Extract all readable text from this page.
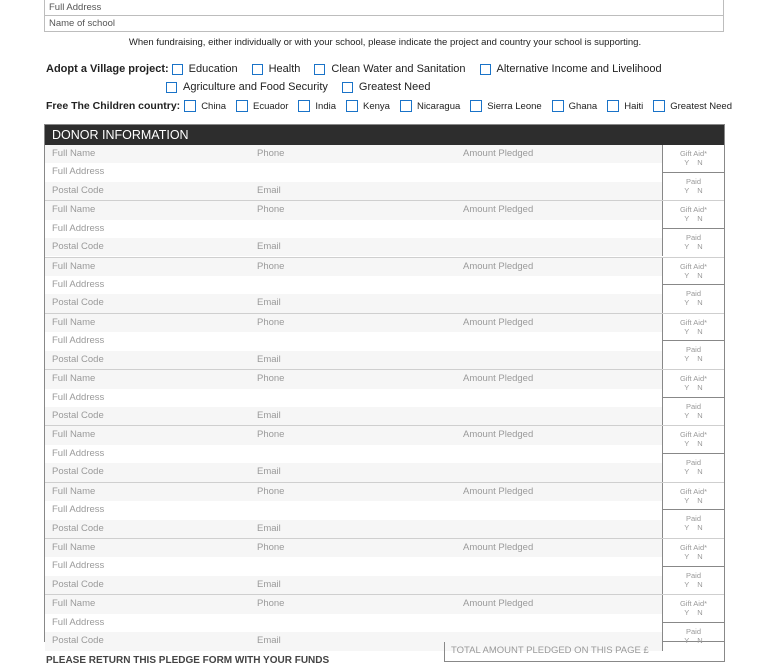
Full Address
Name of school
When fundraising, either individually or with your school, please indicate the project and country your school is supporting.
Adopt a Village project: Education	Health	Clean Water and Sanitation	Alternative Income and Livelihood
Agriculture and Food Security	Greatest Need
Free The Children country: China	Ecuador	India	Kenya	Nicaragua	Sierra Leone	Ghana	Haiti	Greatest Need
DONOR INFORMATION
Full Name	Phone	Amount Pledged
Full Address
Postal Code	Email
Gift Aid*
Y N
Paid
Y N
Full Name	Phone	Amount Pledged
Full Address
Postal Code	Email
Gift Aid*
Y N
Paid
Y N
Full Name	Phone	Amount Pledged
Full Address
Postal Code	Email
Gift Aid*
Y N
Paid
Y N
Full Name	Phone	Amount Pledged
Full Address
Postal Code	Email
Gift Aid*
Y N
Paid
Y N
Full Name	Phone	Amount Pledged
Full Address
Postal Code	Email
Gift Aid*
Y N
Paid
Y N
Full Name	Phone	Amount Pledged
Full Address
Postal Code	Email
Gift Aid*
Y N
Paid
Y N
Full Name	Phone	Amount Pledged
Full Address
Postal Code	Email
Gift Aid*
Y N
Paid
Y N
Full Name	Phone	Amount Pledged
Full Address
Postal Code	Email
Gift Aid*
Y N
Paid
Y N
Full Name	Phone	Amount Pledged
Full Address
Postal Code	Email
Gift Aid*
Y N
Paid
Y N
TOTAL AMOUNT PLEDGED ON THIS PAGE £
PLEASE RETURN THIS PLEDGE FORM WITH YOUR FUNDS
